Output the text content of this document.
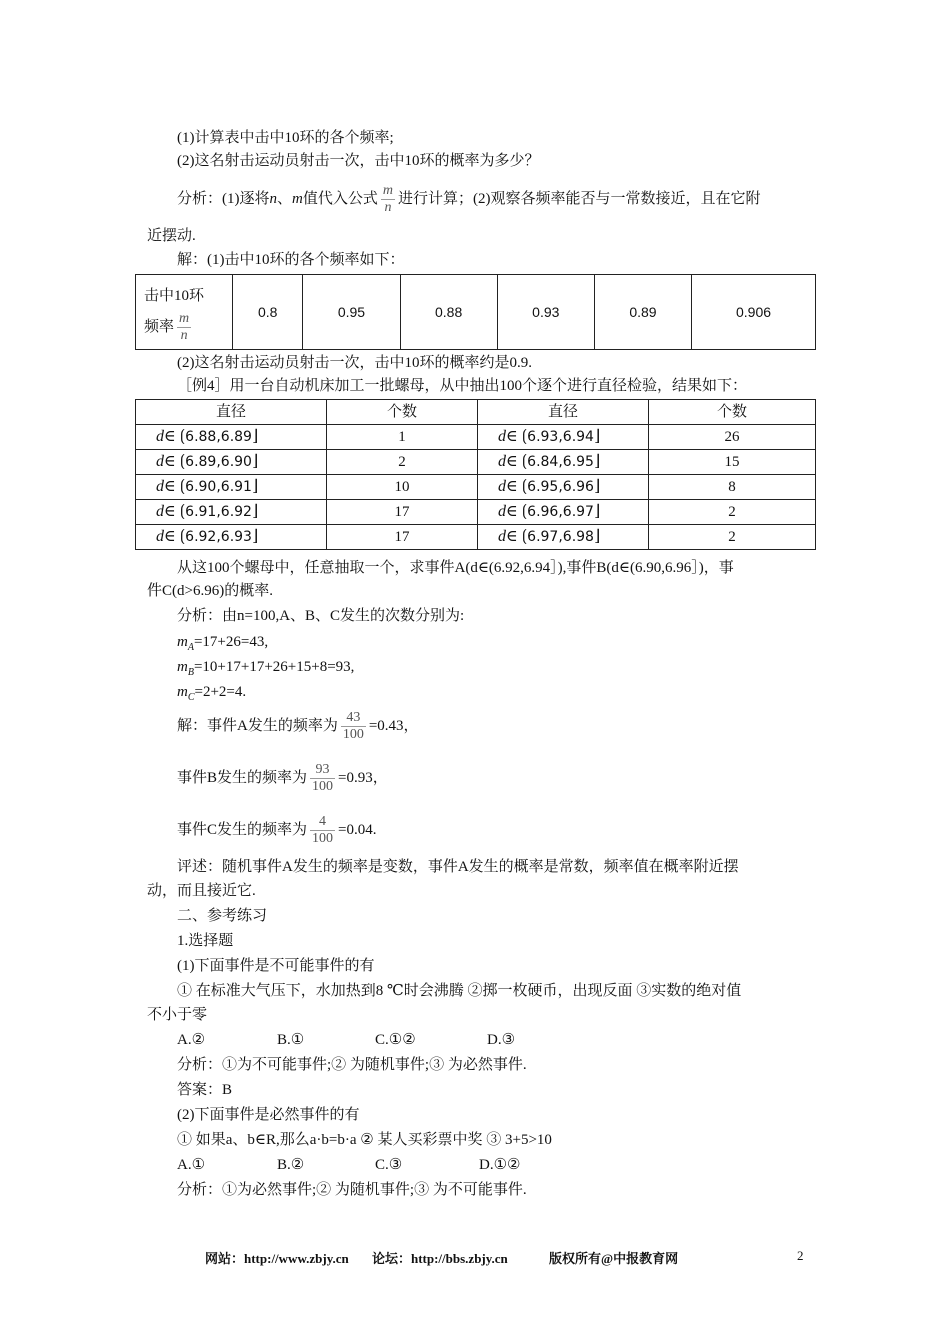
(1)计算表中击中10环的各个频率;
(2)这名射击运动员射击一次，击中10环的概率为多少？
分析：(1)逐将n、m值代入公式 $\frac{m}{n}$ 进行计算；(2)观察各频率能否与一常数接近，且在它附
近摆动.
解：(1)击中10环的各个频率如下：
击中10环
频率 $\frac{m}{n}$	0.8	0.95	0.88	0.93	0.89	0.906
(2)这名射击运动员射击一次，击中10环的概率约是0.9.
［例4］用一台自动机床加工一批螺母，从中抽出100个逐个进行直径检验，结果如下：
直径	个数	直径	个数
d∈ ⟮6.88,6.89⌋	1	d∈ ⟮6.93,6.94⌋	26
d∈ ⟮6.89,6.90⌋	2	d∈ ⟮6.84,6.95⌋	15
d∈ ⟮6.90,6.91⌋	10	d∈ ⟮6.95,6.96⌋	8
d∈ ⟮6.91,6.92⌋	17	d∈ ⟮6.96,6.97⌋	2
d∈ ⟮6.92,6.93⌋	17	d∈ ⟮6.97,6.98⌋	2
从这100个螺母中，任意抽取一个，求事件A(d∈(6.92,6.94］),事件B(d∈(6.90,6.96］)，事
件C(d>6.96)的概率.
分析：由n=100,A、B、C发生的次数分别为:
$m_A=17+26=43$,
$m_B=10+17+17+26+15+8=93$,
$m_C=2+2=4$.
解：事件A发生的频率为 $\frac{43}{100} =0.43$，
事件B发生的频率为 $\frac{93}{100} =0.93$，
事件C发生的频率为 $\frac{4}{100} =0.04$.
评述：随机事件A发生的频率是变数，事件A发生的概率是常数，频率值在概率附近摆
动，而且接近它.
二、参考练习
1.选择题
(1)下面事件是不可能事件的有
① 在标准大气压下，水加热到8 ℃时会沸腾 ②掷一枚硬币，出现反面 ③实数的绝对值
不小于零
A.②	B.①	C.①②	D.③
分析：①为不可能事件;② 为随机事件;③ 为必然事件.
答案：B
(2)下面事件是必然事件的有
① 如果a、b∈R,那么a·b=b·a ② 某人买彩票中奖 ③ 3+5>10
A.①	B.②	C.③	D.①②
分析：①为必然事件;② 为随机事件;③ 为不可能事件.
网站：http://www.zbjy.cn 论坛：http://bbs.zbjy.cn	版权所有@中报教育网	2
